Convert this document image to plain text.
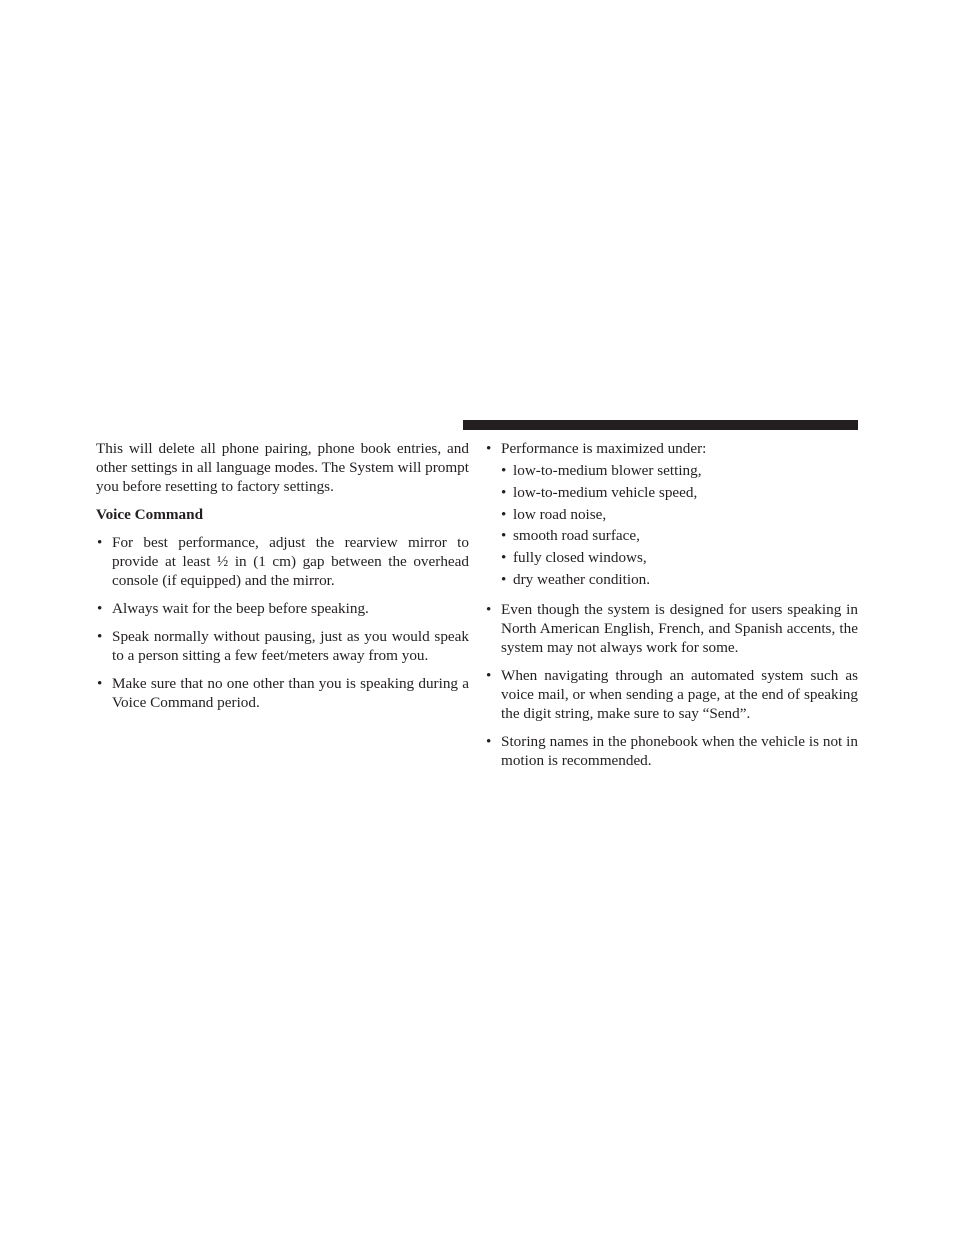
This will delete all phone pairing, phone book entries, and other settings in all language modes. The System will prompt you before resetting to factory settings.

Voice Command

• For best performance, adjust the rearview mirror to provide at least ½ in (1 cm) gap between the overhead console (if equipped) and the mirror.
• Always wait for the beep before speaking.
• Speak normally without pausing, just as you would speak to a person sitting a few feet/meters away from you.
• Make sure that no one other than you is speaking during a Voice Command period.
• Performance is maximized under:
• low-to-medium blower setting,
• low-to-medium vehicle speed,
• low road noise,
• smooth road surface,
• fully closed windows,
• dry weather condition.
• Even though the system is designed for users speaking in North American English, French, and Spanish accents, the system may not always work for some.
• When navigating through an automated system such as voice mail, or when sending a page, at the end of speaking the digit string, make sure to say “Send”.
• Storing names in the phonebook when the vehicle is not in motion is recommended.
